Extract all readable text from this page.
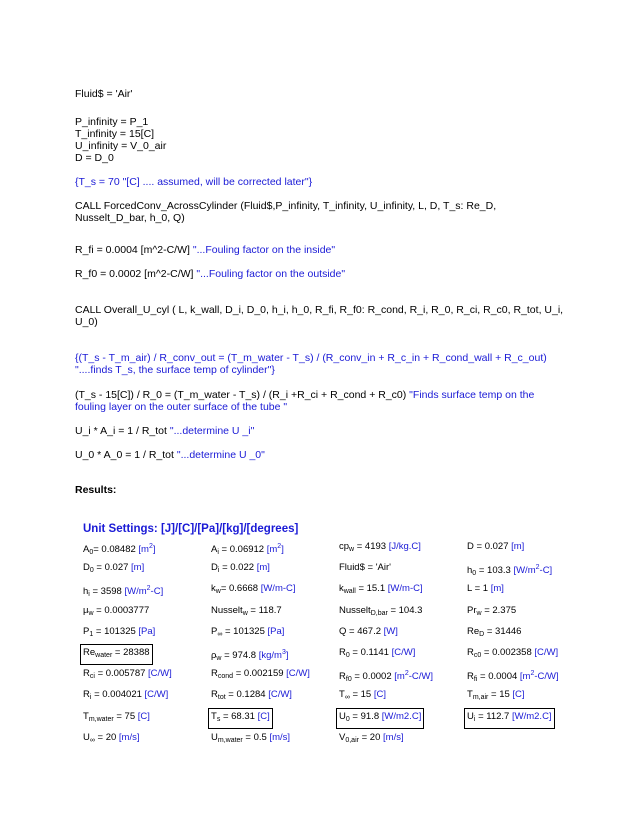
Fluid$ = 'Air'
P_infinity = P_1
T_infinity = 15[C]
U_infinity = V_0_air
D = D_0
{T_s = 70 "[C] .... assumed, will be corrected later"}
CALL ForcedConv_AcrossCylinder (Fluid$,P_infinity, T_infinity, U_infinity, L, D, T_s: Re_D,
Nusselt_D_bar, h_0, Q)
R_fi = 0.0004 [m^2-C/W] "...Fouling factor on the inside"
R_f0 = 0.0002 [m^2-C/W] "...Fouling factor on the outside"
CALL Overall_U_cyl ( L, k_wall, D_i, D_0, h_i, h_0, R_fi, R_f0: R_cond, R_i, R_0, R_ci, R_c0, R_tot, U_i,
U_0)
{(T_s - T_m_air) / R_conv_out = (T_m_water - T_s) / (R_conv_in + R_c_in + R_cond_wall + R_c_out)
"....finds T_s, the surface temp of cylinder"}
(T_s - 15[C]) / R_0 = (T_m_water - T_s) / (R_i +R_ci + R_cond + R_c0) "Finds surface temp on the
fouling layer on the outer surface of the tube "
U_i * A_i = 1 / R_tot "...determine U _i"
U_0 * A_0 = 1 / R_tot "...determine U _0"
Results:
Unit Settings: [J]/[C]/[Pa]/[kg]/[degrees]
$A_0= 0.08482$ $[m^2]$	$A_i = 0.06912$ $[m^2]$	$cp_w = 4193$ [J/kg.C]	D = 0.027 [m]
$D_0 = 0.027$ [m]	$D_i = 0.022$ [m]	Fluid$ = 'Air'	$h_0 = 103.3$ $[W/m^2-C]$
$h_i = 3598$ $[W/m^2-C]$	$k_w= 0.6668$ [W/m-C]	$k_{wall} = 15.1$ [W/m-C]	L = 1 [m]
$\mu_w = 0.0003777$	Nusselt$_w$ = 118.7	Nusselt$_{D,bar}$ = 104.3	$Pr_w = 2.375$
$P_1 = 101325$ [Pa]	$P_\infty = 101325$ [Pa]	Q = 467.2 [W]	$Re_D = 31446$
$Re_{water} = 28388$	$\rho_w = 974.8$ $[kg/m^3]$	$R_0 = 0.1141$ [C/W]	$R_{c0} = 0.002358$ [C/W]
$R_{ci} = 0.005787$ [C/W]	$R_{cond} = 0.002159$ [C/W]	$R_{f0} = 0.0002$ $[m^2-C/W]$	$R_{fi} = 0.0004$ $[m^2-C/W]$
$R_i = 0.004021$ [C/W]	$R_{tot} = 0.1284$ [C/W]	$T_\infty = 15$ [C]	$T_{m,air} = 15$ [C]
$T_{m,water} = 75$ [C]	$T_s = 68.31$ [C]	$U_0 = 91.8$ [W/m2.C]	$U_i = 112.7$ [W/m2.C]
$U_\infty = 20$ [m/s]	$U_{m,water} = 0.5$ [m/s]	$V_{0,air} = 20$ [m/s]
